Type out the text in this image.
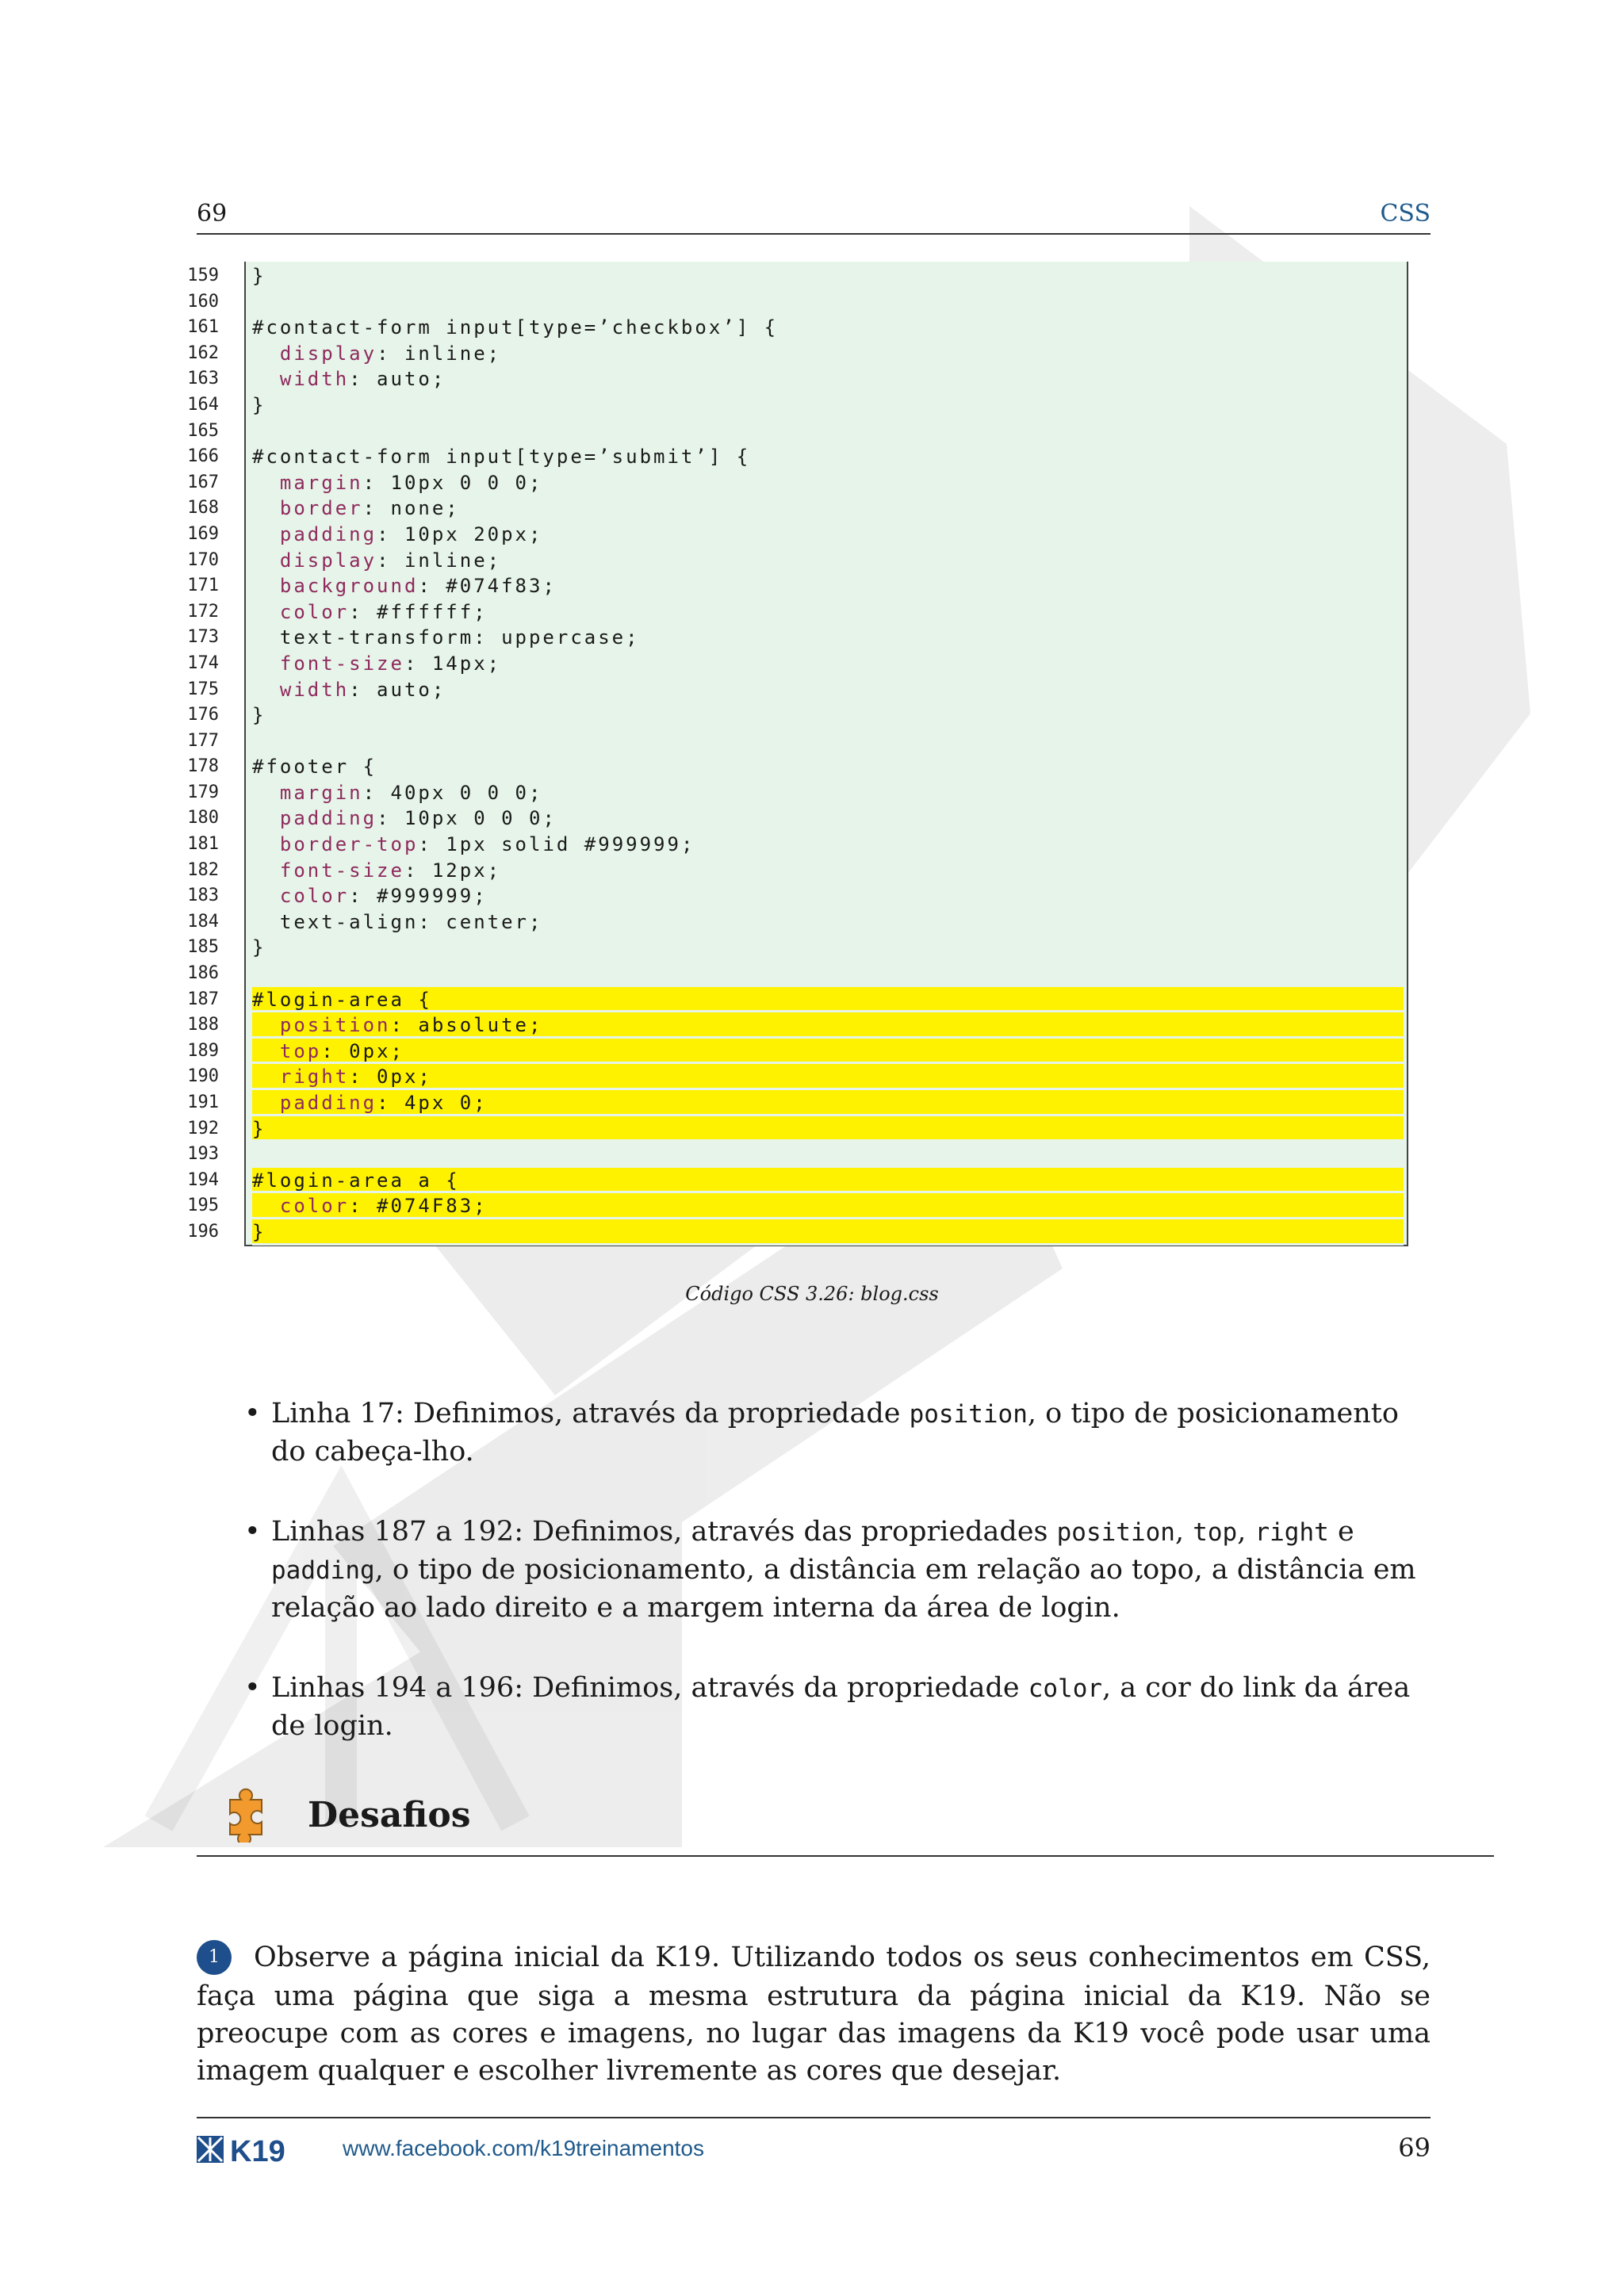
69	CSS
159
160
161
162
163
164
165
166
167
168
169
170
171
172
173
174
175
176
177
178
179
180
181
182
183
184
185
186
187
188
189
190
191
192
193
194
195
196
}
#contact-form input[type=’checkbox’] {
display: inline;
width: auto;
}
#contact-form input[type=’submit’] {
margin: 10px 0 0 0;
border: none;
padding: 10px 20px;
display: inline;
background: #074f83;
color: #ffffff;
text-transform: uppercase;
font-size: 14px;
width: auto;
}
#footer {
margin: 40px 0 0 0;
padding: 10px 0 0 0;
border-top: 1px solid #999999;
font-size: 12px;
color: #999999;
text-align: center;
}
#login-area {
position: absolute;
top: 0px;
right: 0px;
padding: 4px 0;
}
#login-area a {
color: #074F83;
}
Código CSS 3.26: blog.css
• Linha 17: Definimos, através da propriedade position, o tipo de posicionamento do cabeça-lho.
• Linhas 187 a 192: Definimos, através das propriedades position, top, right e padding, o tipo de posicionamento, a distância em relação ao topo, a distância em relação ao lado direito e a margem interna da área de login.
• Linhas 194 a 196: Definimos, através da propriedade color, a cor do link da área de login.
Desafios
1 Observe a página inicial da K19. Utilizando todos os seus conhecimentos em CSS, faça uma página que siga a mesma estrutura da página inicial da K19. Não se preocupe com as cores e imagens, no lugar das imagens da K19 você pode usar uma imagem qualquer e escolher livremente as cores que desejar.
K19	www.facebook.com/k19treinamentos	69
